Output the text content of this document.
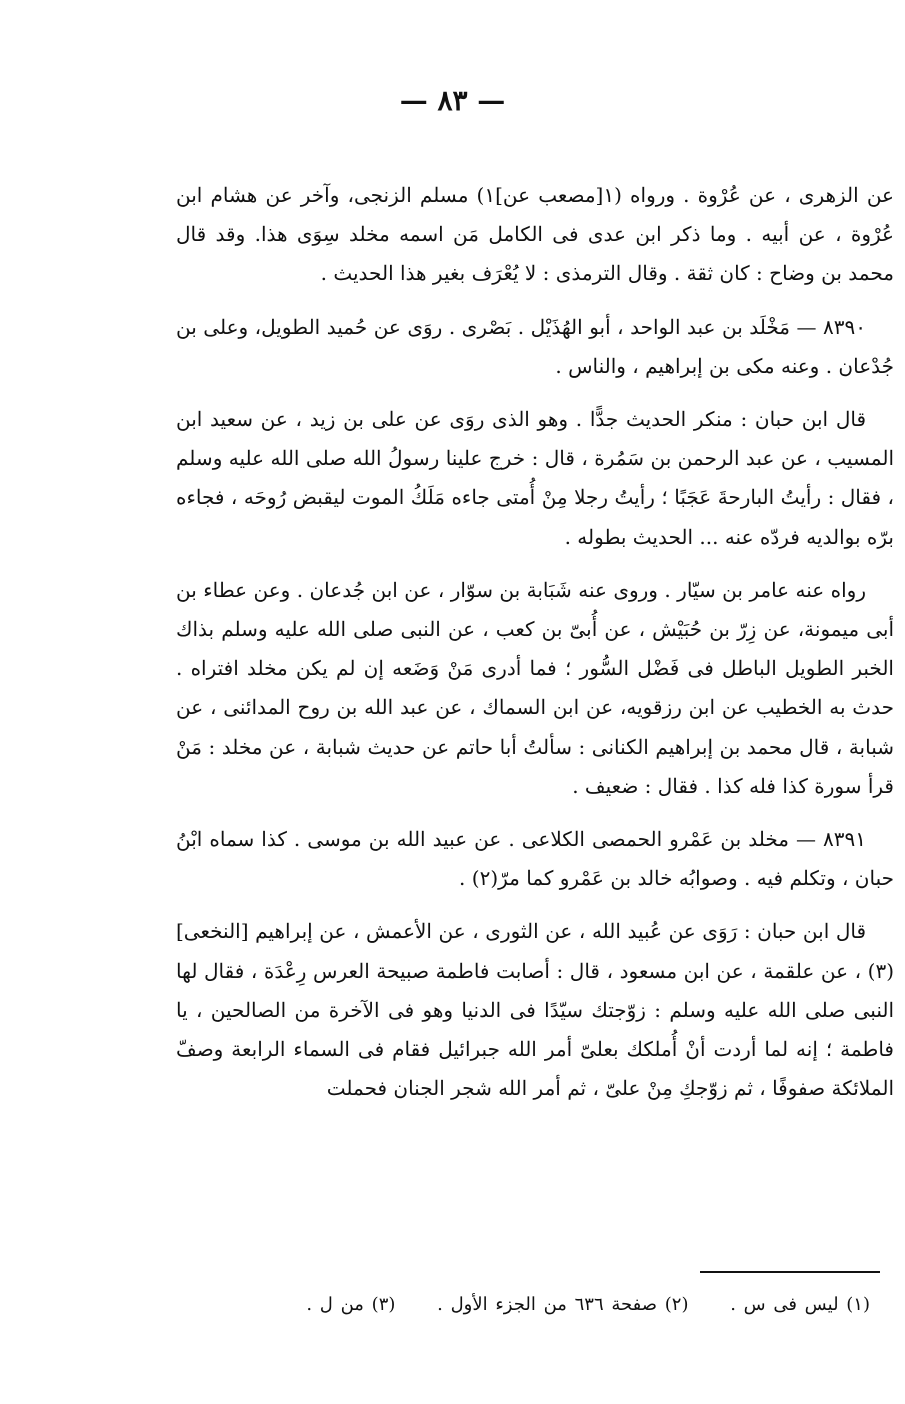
— ٨٣ —

عن الزهرى ، عن عُرْوة . ورواه (١[مصعب عن]١) مسلم الزنجى، وآخر عن هشام ابن عُرْوة ، عن أبيه . وما ذكر ابن عدى فى الكامل مَن اسمه مخلد سِوَى هذا. وقد قال محمد بن وضاح : كان ثقة . وقال الترمذى : لا يُعْرَف بغير هذا الحديث .

٨٣٩٠ — مَخْلَد بن عبد الواحد ، أبو الهُذَيْل . بَصْرى . روَى عن حُميد الطويل، وعلى بن جُدْعان . وعنه مكى بن إبراهيم ، والناس .

قال ابن حبان : منكر الحديث جدًّا . وهو الذى روَى عن على بن زيد ، عن سعيد ابن المسيب ، عن عبد الرحمن بن سَمُرة ، قال : خرج علينا رسولُ الله صلى الله عليه وسلم ، فقال : رأيتُ البارحةَ عَجَبًا ؛ رأيتُ رجلا مِنْ أُمتى جاءه مَلَكُ الموت ليقبض رُوحَه ، فجاءه برّه بوالديه فردّه عنه ... الحديث بطوله .

رواه عنه عامر بن سيّار . وروى عنه شَبَابة بن سوّار ، عن ابن جُدعان . وعن عطاء بن أبى ميمونة، عن زِرّ بن حُبَيْش ، عن أُبىّ بن كعب ، عن النبى صلى الله عليه وسلم بذاك الخبر الطويل الباطل فى فَضْل السُّور ؛ فما أدرى مَنْ وَضَعه إن لم يكن مخلد افتراه . حدث به الخطيب عن ابن رزقويه، عن ابن السماك ، عن عبد الله بن روح المدائنى ، عن شبابة ، قال محمد بن إبراهيم الكنانى : سألتُ أبا حاتم عن حديث شبابة ، عن مخلد : مَنْ قرأ سورة كذا فله كذا . فقال : ضعيف .

٨٣٩١ — مخلد بن عَمْرو الحمصى الكلاعى . عن عبيد الله بن موسى . كذا سماه ابْنُ حبان ، وتكلم فيه . وصوابُه خالد بن عَمْرو كما مرّ(٢) .

قال ابن حبان : رَوَى عن عُبيد الله ، عن الثورى ، عن الأعمش ، عن إبراهيم [النخعى](٣) ، عن علقمة ، عن ابن مسعود ، قال : أصابت فاطمة صبيحة العرس رِعْدَة ، فقال لها النبى صلى الله عليه وسلم : زوّجتك سيّدًا فى الدنيا وهو فى الآخرة من الصالحين ، يا فاطمة ؛ إنه لما أردت أنْ أُملكك بعلىّ أمر الله جبرائيل فقام فى السماء الرابعة وصفّ الملائكة صفوفًا ، ثم زوّجكِ مِنْ علىّ ، ثم أمر الله شجر الجنان فحملت

(١) ليس فى س . (٢) صفحة ٦٣٦ من الجزء الأول . (٣) من ل .
